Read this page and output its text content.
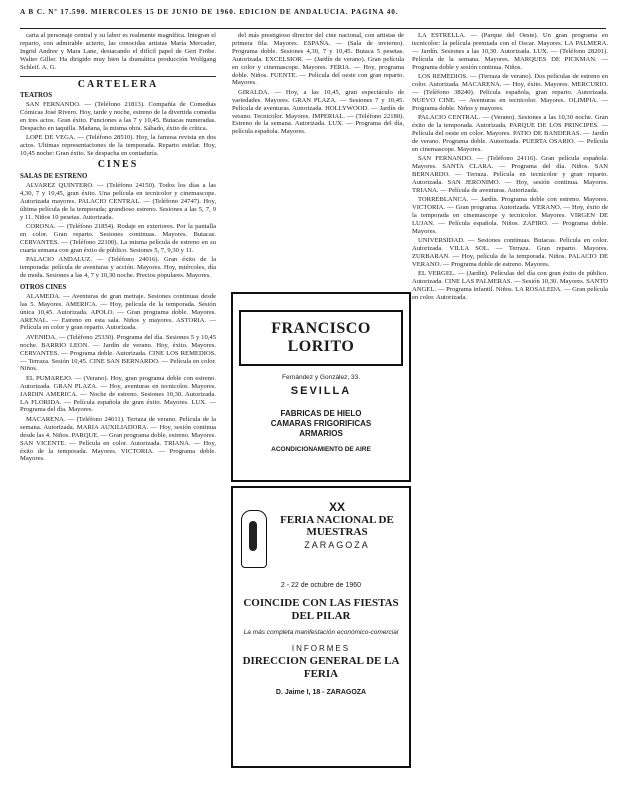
A B C. Nº 17.590. MIERCOLES 15 DE JUNIO DE 1960. EDICION DE ANDALUCIA. PAGINA 40.

carta al personaje central y su labor es realmente magnífica. Integran el reparto, con admirable acierto, las conocidas artistas María Mercader, Ingrid Andree y Mara Lane, destacando el difícil papel de Gert Fröbe. Walter Giller. Ha dirigido muy bien la dramática producción Wolfgang Schleif. A. G.

CARTELERA
TEATROS

SAN FERNANDO. — (Teléfono 21813). Compañía de Comedias Cómicas José Rivero. Hoy, tarde y noche, estreno de la divertida comedia en tres actos. Gran éxito. Funciones a las 7 y 10,45. Butacas numeradas. Despacho en taquilla. Mañana, la misma obra. Sábado, éxito de crítica.

LOPE DE VEGA. — (Teléfono 28510). Hoy, la famosa revista en dos actos. Ultimas representaciones de la temporada. Reparto estelar. Hoy, 10,45 noche: Gran éxito. Se despacha en contaduría.

CINES
SALAS DE ESTRENO

ALVAREZ QUINTERO. — (Teléfono 24150). Todos los días a las 4,30, 7 y 10,45, gran éxito. Una película en tecnicolor y cinemascope. Autorizada mayores. PALACIO CENTRAL. — (Teléfono 24747). Hoy, última película de la temporada; grandioso estreno. Sesiones a las 5, 7, 9 y 11. Niños 10 pesetas. Autorizada.

CORONA. — (Teléfono 21854). Rodaje en exteriores. Por la pantalla en color. Gran reparto. Sesiones continuas. Mayores. Butacas. CERVANTES. — (Teléfono 22100). La misma película de estreno en su cuarta semana con gran éxito de público. Sesiones 5, 7, 9,30 y 11.

PALACIO ANDALUZ. — (Teléfono 24016). Gran éxito de la temporada: película de aventuras y acción. Mayores. Hoy, miércoles, día de moda. Sesiones a las 4, 7 y 10,30 noche. Precios populares. Mayores.

OTROS CINES

ALAMEDA. — Aventuras de gran metraje. Sesiones continuas desde las 5. Mayores. AMERICA. — Hoy, película de la temporada. Sesión única 10,45. Autorizada. APOLO. — Gran programa doble. Mayores. ARENAL. — Estreno en esta sala. Niños y mayores. ASTORIA. — Película en color y gran reparto. Autorizada.

AVENIDA. — (Teléfono 25330). Programa del día. Sesiones 5 y 10,45 noche. BARRIO LEON. — Jardín de verano. Hoy, éxito. Mayores. CERVANTES. — Programa doble. Autorizada. CINE LOS REMEDIOS. — Terraza. Sesión 10,45. CINE SAN BERNARDO. — Película en color. Niños.

EL PUMAREJO. — (Verano). Hoy, gran programa doble con estreno. Autorizada. GRAN PLAZA. — Hoy, aventuras en tecnicolor. Mayores. JARDIN AMERICA. — Noche de estreno. Sesiones 10,30. Autorizada. LA FLORIDA. — Película española de gran éxito. Mayores. LUX. — Programa del día. Mayores.

MACARENA. — (Teléfono 24611). Terraza de verano. Película de la semana. Autorizada. MARIA AUXILIADORA. — Hoy, sesión continua desde las 4. Niños. PARQUE. — Gran programa doble, estreno. Mayores. SAN VICENTE. — Película en color. Autorizada. TRIANA. — Hoy, éxito de la temporada. Mayores. VICTORIA. — Programa doble. Mayores.

del más prestigioso director del cine nacional, con artistas de primera fila. Mayores. ESPAÑA. — (Sala de invierno). Programa doble. Sesiones 4,30, 7 y 10,45. Butaca 5 pesetas. Autorizada. EXCELSIOR. — (Jardín de verano). Gran película en color y cinemascope. Mayores. FERIA. — Hoy, programa doble. Niños. FUENTE. — Película del oeste con gran reparto. Mayores.

GIRALDA. — Hoy, a las 10,45, gran espectáculo de variedades. Mayores. GRAN PLAZA. — Sesiones 7 y 10,45. Película de aventuras. Autorizada. HOLLYWOOD. — Jardín de verano. Tecnicolor. Mayores. IMPERIAL. — (Teléfono 22180). Estreno de la semana. Autorizada. LUX. — Programa del día, película española. Mayores.

FRANCISCO LORITO
Fernández y González, 33.
SEVILLA
FABRICAS DE HIELO
CAMARAS FRIGORIFICAS
ARMARIOS
ACONDICIONAMIENTO DE AIRE
XX
FERIA NACIONAL DE MUESTRAS
ZARAGOZA
2 - 22 de octubre de 1960
COINCIDE CON LAS FIESTAS DEL PILAR
La más completa manifestación económico-comercial
INFORMES
DIRECCION GENERAL DE LA FERIA
D. Jaime I, 18 - ZARAGOZA

LA ESTRELLA. — (Parque del Oeste). Un gran programa en tecnicolor: la película premiada con el Oscar. Mayores. LA PALMERA. — Jardín. Sesiones a las 10,30. Autorizada. LUX. — (Teléfono 28201). Película de la semana. Mayores. MARQUES DE PICKMAN. — Programa doble y sesión continua. Niños.

LOS REMEDIOS. — (Terraza de verano). Dos películas de estreno en color. Autorizada. MACARENA. — Hoy, éxito. Mayores. MERCURIO. — (Teléfono 38240). Película española, gran reparto. Autorizada. NUEVO CINE. — Aventuras en tecnicolor. Mayores. OLIMPIA. — Programa doble. Niños y mayores.

PALACIO CENTRAL. — (Verano). Sesiones a las 10,30 noche. Gran éxito de la temporada. Autorizada. PARQUE DE LOS PRINCIPES. — Película del oeste en color. Mayores. PATIO DE BANDERAS. — Jardín de verano. Programa doble. Autorizada. PUERTA OSARIO. — Película en cinemascope. Mayores.

SAN FERNANDO. — (Teléfono 24116). Gran película española. Mayores. SANTA CLARA. — Programa del día. Niños. SAN BERNARDO. — Terraza. Película en tecnicolor y gran reparto. Autorizada. SAN JERONIMO. — Hoy, sesión continua. Mayores. TRIANA. — Película de aventuras. Autorizada.

TORREBLANCA. — Jardín. Programa doble con estreno. Mayores. VICTORIA. — Gran programa. Autorizada. VERANO. — Hoy, éxito de la temporada en cinemascope y tecnicolor. Mayores. VIRGEN DE LUJAN. — Película española. Niños. ZAFIRO. — Programa doble. Mayores.

UNIVERSIDAD. — Sesiones continuas. Butacas. Película en color. Autorizada. VILLA SOL. — Terraza. Gran reparto. Mayores. ZURBARAN. — Hoy, película de la temporada. Niños. PALACIO DE VERANO. — Programa doble de estreno. Mayores.

EL VERGEL. — (Jardín). Películas del día con gran éxito de público. Autorizada. CINE LAS PALMERAS. — Sesión 10,30. Mayores. SANTO ANGEL. — Programa infantil. Niños. LA ROSALEDA. — Gran película en color. Autorizada.
